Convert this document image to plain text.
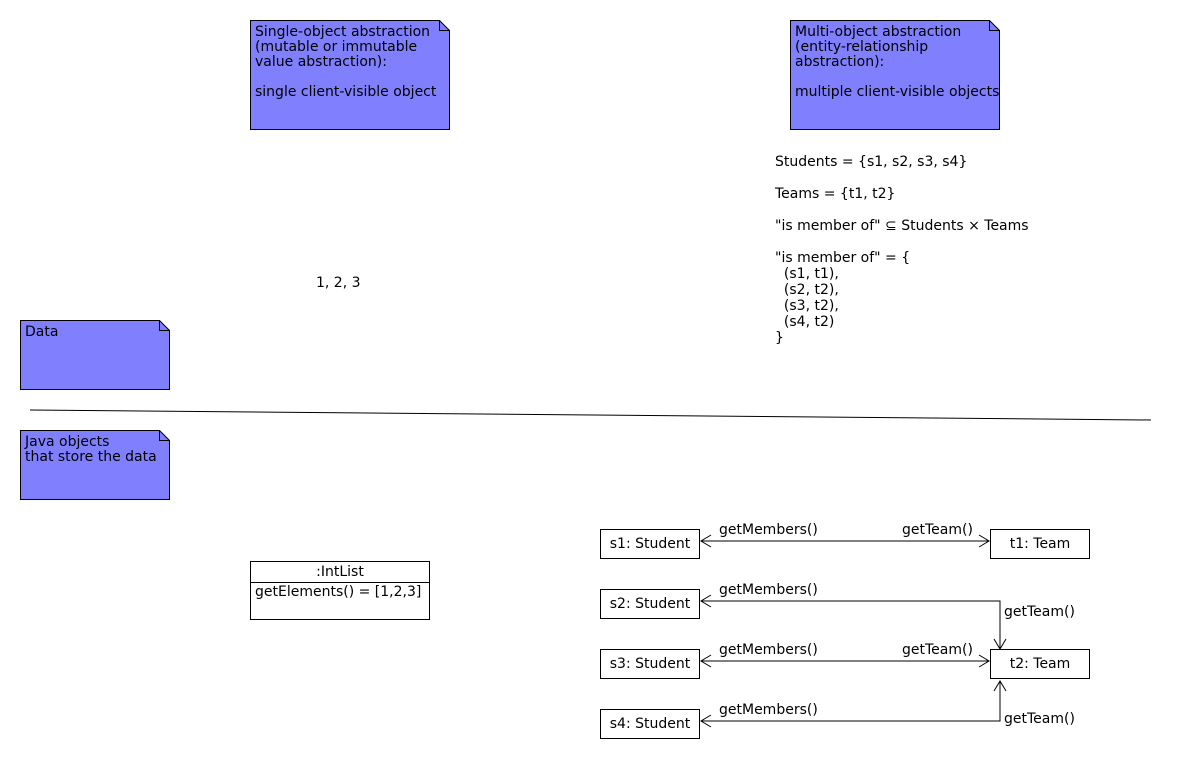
Single-object abstraction
(mutable or immutable
value abstraction):

single client-visible object
Multi-object abstraction
(entity-relationship
abstraction):

multiple client-visible objects
Data
Java objects
that store the data
1, 2, 3
Students = {s1, s2, s3, s4}
Teams = {t1, t2}
"is member of" ⊆ Students × Teams
"is member of" = {
(s1, t1),
(s2, t2),
(s3, t2),
(s4, t2)
}
:IntList
getElements() = [1,2,3]
s1: Student
s2: Student
s3: Student
s4: Student
t1: Team
t2: Team
getMembers()	getTeam()
getMembers()
getTeam()
getMembers()	getTeam()
getMembers()
getTeam()
